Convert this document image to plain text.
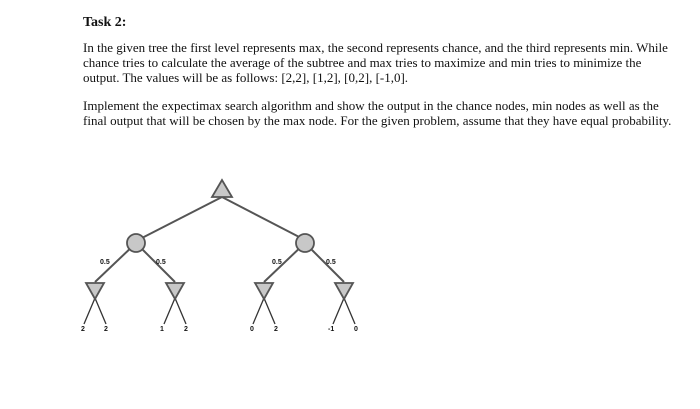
Task 2:

In the given tree the first level represents max, the second represents chance, and the third represents min. While chance tries to calculate the average of the subtree and max tries to maximize and min tries to minimize the output. The values will be as follows: [2,2], [1,2], [0,2], [-1,0].

Implement the expectimax search algorithm and show the output in the chance nodes, min nodes as well as the final output that will be chosen by the max node. For the given problem, assume that they have equal probability.

0.5	0.5	0.5	0.5
2	2	1	2	0	2	-1	0
